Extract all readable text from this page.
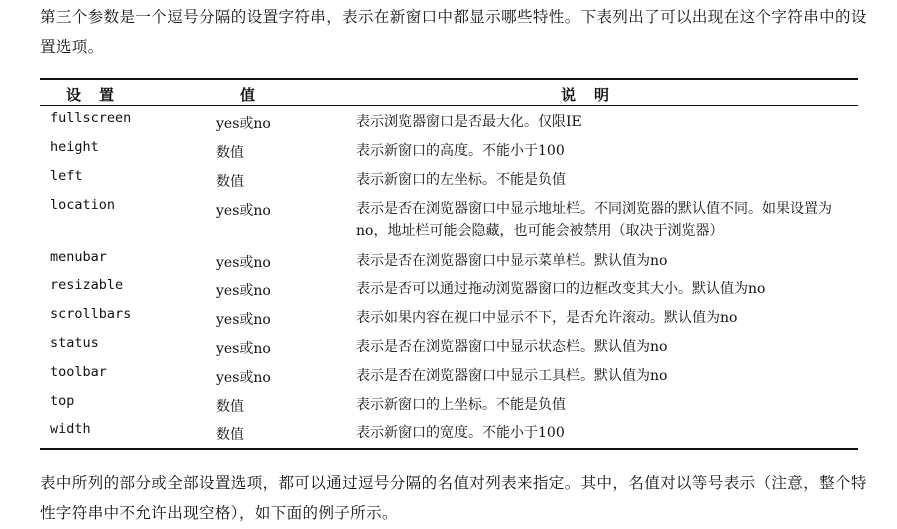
第三个参数是一个逗号分隔的设置字符串，表示在新窗口中都显示哪些特性。下表列出了可以出现在这个字符串中的设置选项。
设置	值	说明
fullscreen	yes或no	表示浏览器窗口是否最大化。仅限IE
height	数值	表示新窗口的高度。不能小于100
left	数值	表示新窗口的左坐标。不能是负值
location	yes或no	表示是否在浏览器窗口中显示地址栏。不同浏览器的默认值不同。如果设置为no，地址栏可能会隐藏，也可能会被禁用（取决于浏览器）
menubar	yes或no	表示是否在浏览器窗口中显示菜单栏。默认值为no
resizable	yes或no	表示是否可以通过拖动浏览器窗口的边框改变其大小。默认值为no
scrollbars	yes或no	表示如果内容在视口中显示不下，是否允许滚动。默认值为no
status	yes或no	表示是否在浏览器窗口中显示状态栏。默认值为no
toolbar	yes或no	表示是否在浏览器窗口中显示工具栏。默认值为no
top	数值	表示新窗口的上坐标。不能是负值
width	数值	表示新窗口的宽度。不能小于100
表中所列的部分或全部设置选项，都可以通过逗号分隔的名值对列表来指定。其中，名值对以等号表示（注意，整个特性字符串中不允许出现空格），如下面的例子所示。
